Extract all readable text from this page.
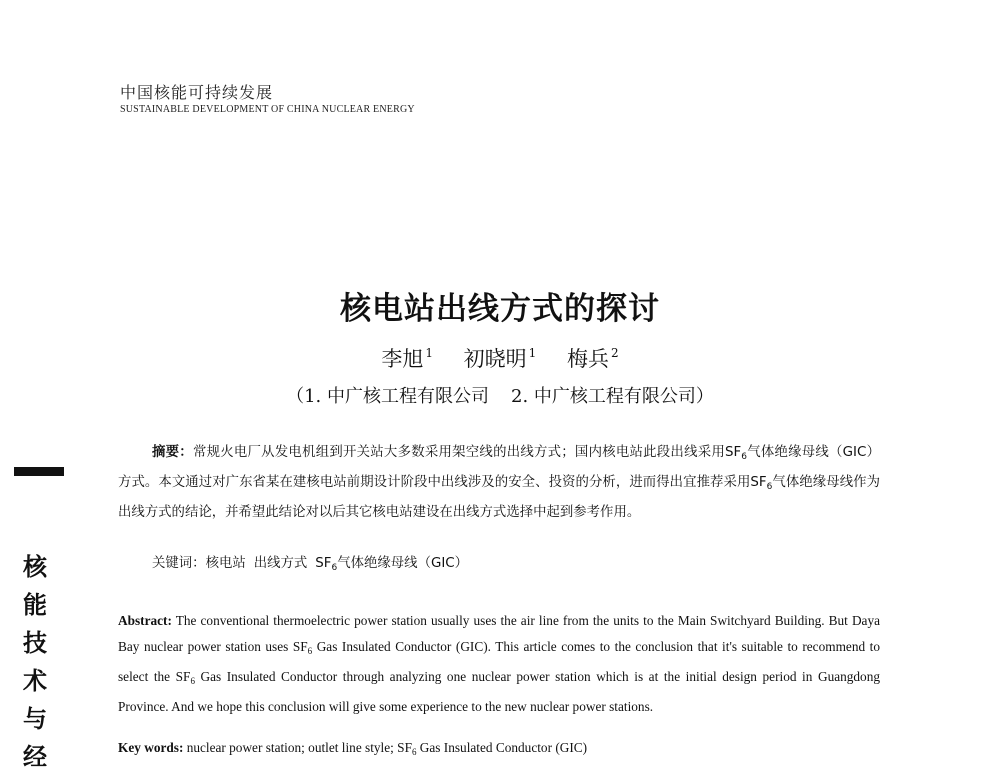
中国核能可持续发展
SUSTAINABLE DEVELOPMENT OF CHINA NUCLEAR ENERGY
核电站出线方式的探讨
李旭 $^1$ 初晓明 $^1$ 梅兵 $^2$
（1. 中广核工程有限公司 2. 中广核工程有限公司）
摘要：常规火电厂从发电机组到开关站大多数采用架空线的出线方式；国内核电站此段出线采用$SF_6$气体绝缘母线（GIC）方式。本文通过对广东省某在建核电站前期设计阶段中出线涉及的安全、投资的分析，进而得出宜推荐采用$SF_6$气体绝缘母线作为出线方式的结论，并希望此结论对以后其它核电站建设在出线方式选择中起到参考作用。
关键词：核电站 出线方式 $SF_6$气体绝缘母线（GIC）
Abstract: The conventional thermoelectric power station usually uses the air line from the units to the Main Switchyard Building. But Daya Bay nuclear power station uses $SF_6$ Gas Insulated Conductor (GIC). This article comes to the conclusion that it's suitable to recommend to select the $SF_6$ Gas Insulated Conductor through analyzing one nuclear power station which is at the initial design period in Guangdong Province. And we hope this conclusion will give some experience to the new nuclear power stations.
Key words: nuclear power station; outlet line style; $SF_6$ Gas Insulated Conductor (GIC)
核
能
技
术
与
经
